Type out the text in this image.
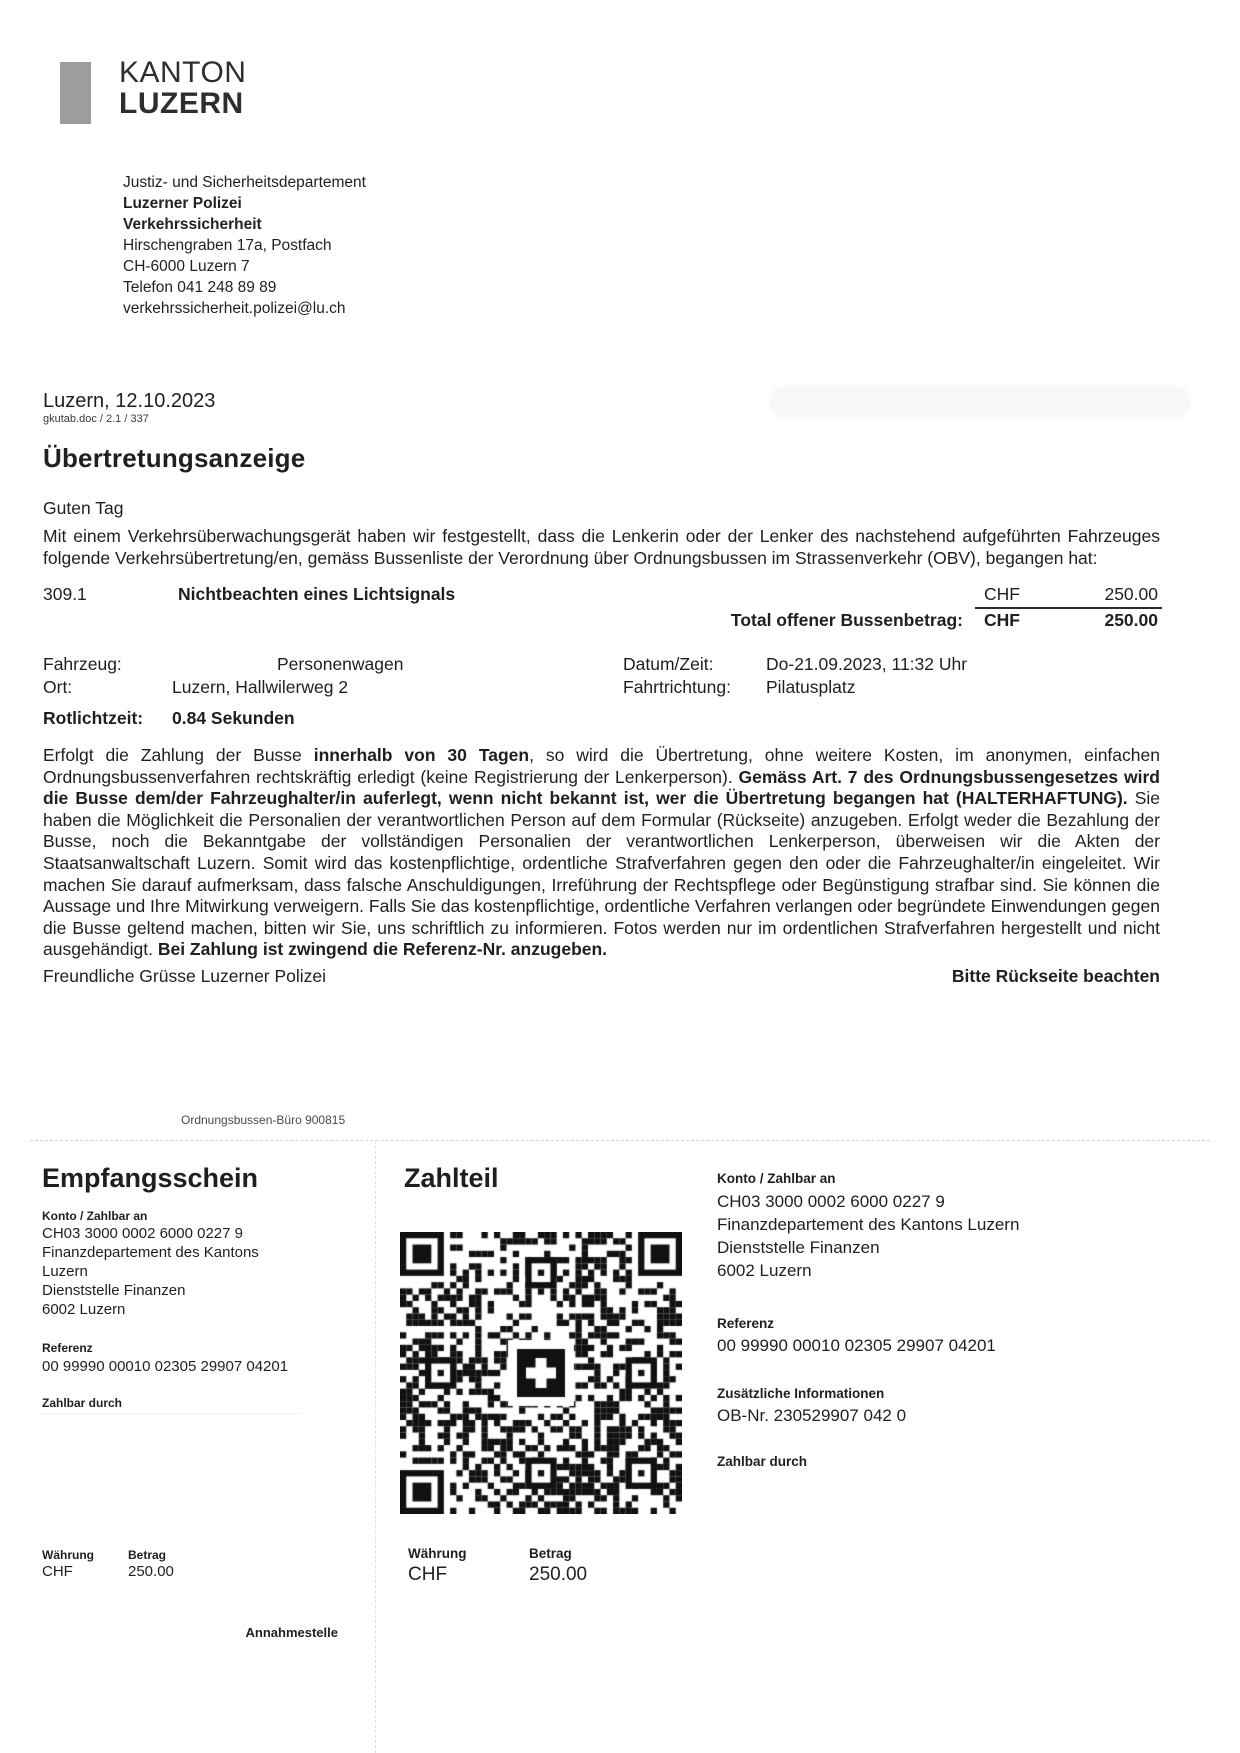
KANTON
LUZERN
Justiz- und Sicherheitsdepartement
Luzerner Polizei
Verkehrssicherheit
Hirschengraben 17a, Postfach
CH-6000 Luzern 7
Telefon 041 248 89 89
verkehrssicherheit.polizei@lu.ch
Luzern, 12.10.2023
gkutab.doc / 2.1 / 337
Übertretungsanzeige
Guten Tag
Mit einem Verkehrsüberwachungsgerät haben wir festgestellt, dass die Lenkerin oder der Lenker des nachstehend aufgeführten Fahrzeuges folgende Verkehrsübertretung/en, gemäss Bussenliste der Verordnung über Ordnungsbussen im Strassenverkehr (OBV), begangen hat:
309.1	Nichtbeachten eines Lichtsignals	CHF	250.00
Total offener Bussenbetrag: CHF	250.00
Fahrzeug:	Personenwagen	Datum/Zeit:	Do-21.09.2023, 11:32 Uhr
Ort:	Luzern, Hallwilerweg 2	Fahrtrichtung: Pilatusplatz
Rotlichtzeit: 0.84 Sekunden
Erfolgt die Zahlung der Busse innerhalb von 30 Tagen, so wird die Übertretung, ohne weitere Kosten, im anonymen, einfachen Ordnungsbussenverfahren rechtskräftig erledigt (keine Registrierung der Lenkerperson). Gemäss Art. 7 des Ordnungsbussengesetzes wird die Busse dem/der Fahrzeughalter/in auferlegt, wenn nicht bekannt ist, wer die Übertretung begangen hat (HALTERHAFTUNG). Sie haben die Möglichkeit die Personalien der verantwortlichen Person auf dem Formular (Rückseite) anzugeben. Erfolgt weder die Bezahlung der Busse, noch die Bekanntgabe der vollständigen Personalien der verantwortlichen Lenkerperson, überweisen wir die Akten der Staatsanwaltschaft Luzern. Somit wird das kostenpflichtige, ordentliche Strafverfahren gegen den oder die Fahrzeughalter/in eingeleitet. Wir machen Sie darauf aufmerksam, dass falsche Anschuldigungen, Irreführung der Rechtspflege oder Begünstigung strafbar sind. Sie können die Aussage und Ihre Mitwirkung verweigern. Falls Sie das kostenpflichtige, ordentliche Verfahren verlangen oder begründete Einwendungen gegen die Busse geltend machen, bitten wir Sie, uns schriftlich zu informieren. Fotos werden nur im ordentlichen Strafverfahren hergestellt und nicht ausgehändigt. Bei Zahlung ist zwingend die Referenz-Nr. anzugeben.
Freundliche Grüsse Luzerner Polizei	Bitte Rückseite beachten
Ordnungsbussen-Büro 900815
Empfangsschein
Konto / Zahlbar an
CH03 3000 0002 6000 0227 9
Finanzdepartement des Kantons
Luzern
Dienststelle Finanzen
6002 Luzern
Referenz
00 99990 00010 02305 29907 04201
Zahlbar durch
Währung
CHF
Betrag
250.00
Annahmestelle
Zahlteil
Währung
CHF
Betrag
250.00
Konto / Zahlbar an
CH03 3000 0002 6000 0227 9
Finanzdepartement des Kantons Luzern
Dienststelle Finanzen
6002 Luzern
Referenz
00 99990 00010 02305 29907 04201
Zusätzliche Informationen
OB-Nr. 230529907 042 0
Zahlbar durch
